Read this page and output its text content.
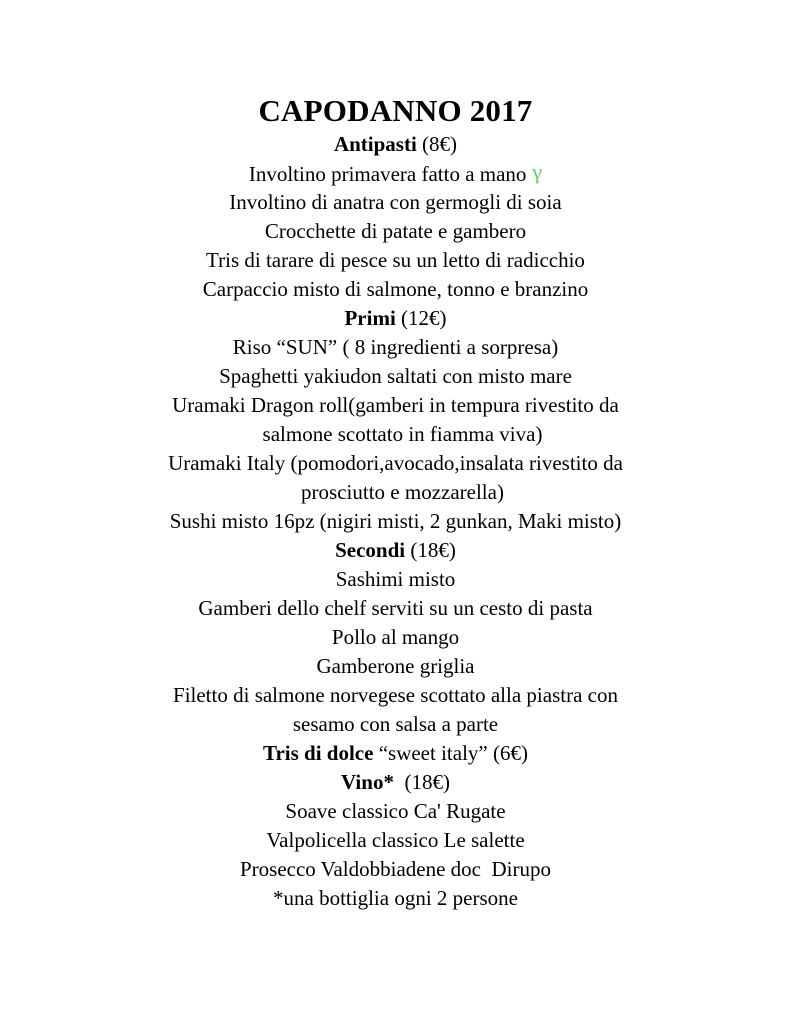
CAPODANNO 2017
Antipasti (8€)
Involtino primavera fatto a mano γ
Involtino di anatra con germogli di soia
Crocchette di patate e gambero
Tris di tarare di pesce su un letto di radicchio
Carpaccio misto di salmone, tonno e branzino
Primi (12€)
Riso “SUN” ( 8 ingredienti a sorpresa)
Spaghetti yakiudon saltati con misto mare
Uramaki Dragon roll(gamberi in tempura rivestito da
salmone scottato in fiamma viva)
Uramaki Italy (pomodori,avocado,insalata rivestito da
prosciutto e mozzarella)
Sushi misto 16pz (nigiri misti, 2 gunkan, Maki misto)
Secondi (18€)
Sashimi misto
Gamberi dello chelf serviti su un cesto di pasta
Pollo al mango
Gamberone griglia
Filetto di salmone norvegese scottato alla piastra con
sesamo con salsa a parte
Tris di dolce “sweet italy” (6€)
Vino*  (18€)
Soave classico Ca' Rugate
Valpolicella classico Le salette
Prosecco Valdobbiadene doc  Dirupo
*una bottiglia ogni 2 persone
